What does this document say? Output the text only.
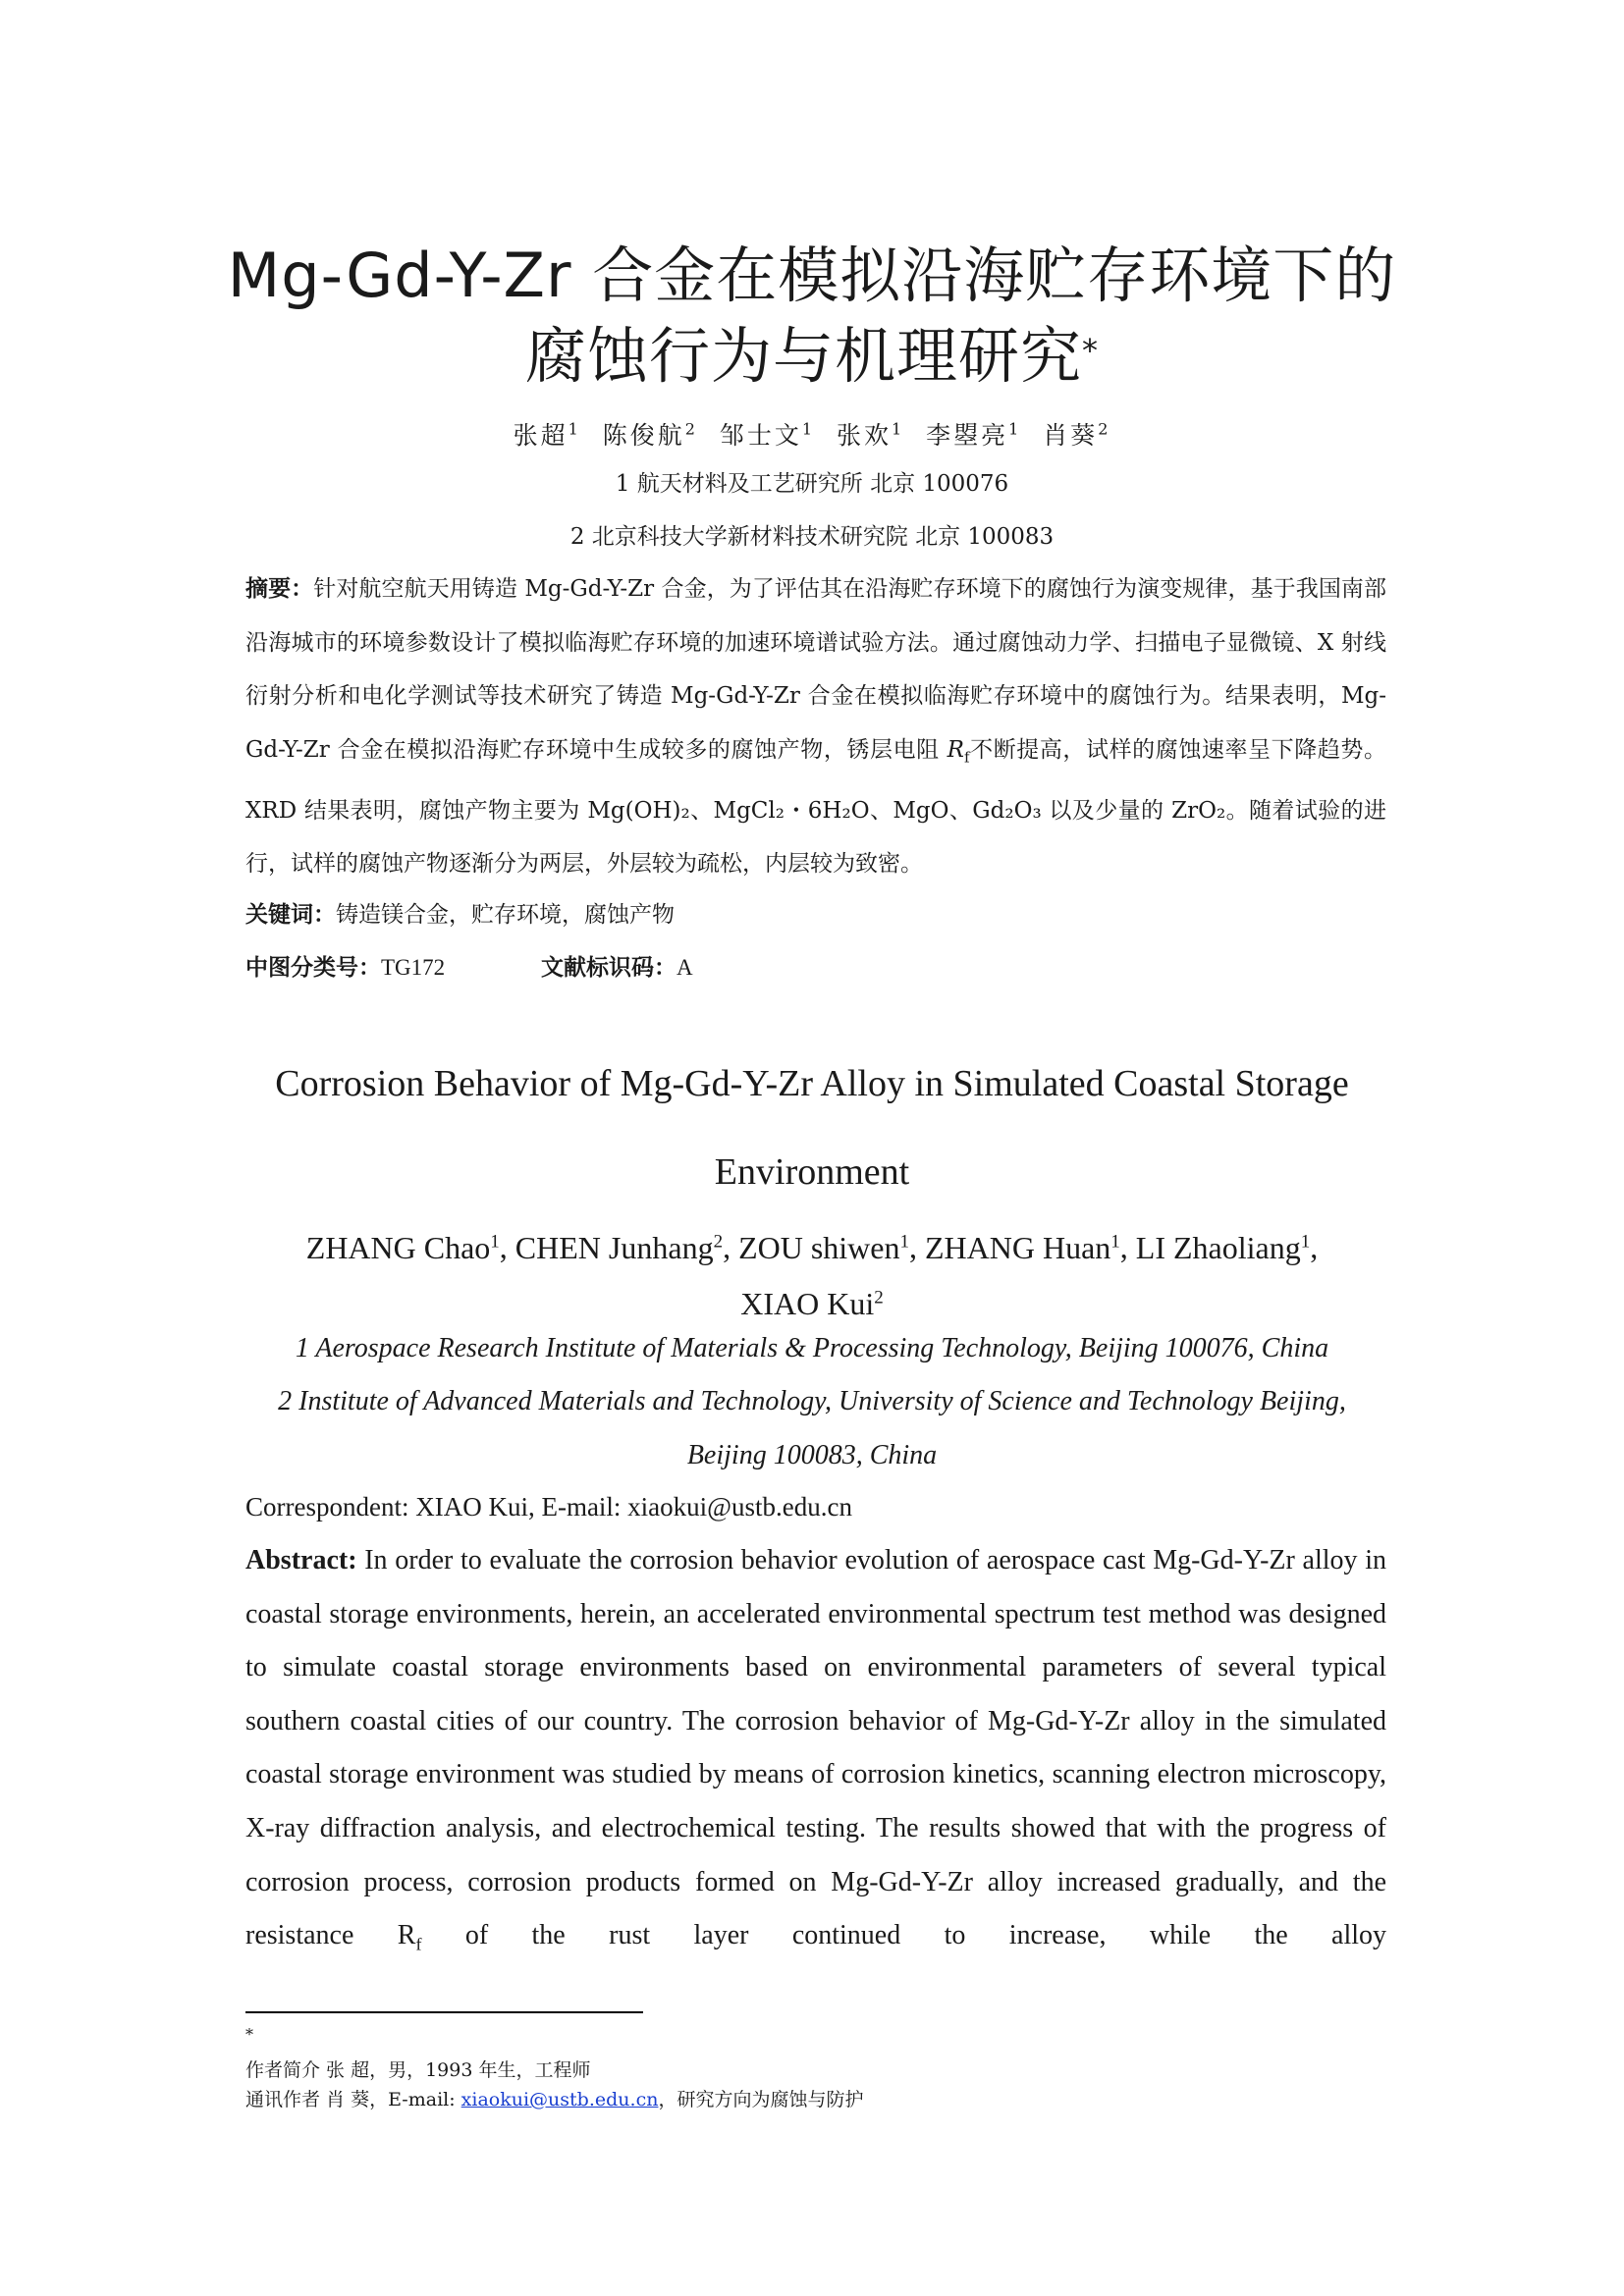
Mg-Gd-Y-Zr 合金在模拟沿海贮存环境下的
腐蚀行为与机理研究*
张超$^1$ 陈俊航$^2$ 邹士文$^1$ 张欢$^1$ 李曌亮$^1$ 肖葵$^2$
1 航天材料及工艺研究所 北京 100076
2 北京科技大学新材料技术研究院 北京 100083
摘要：针对航空航天用铸造 Mg-Gd-Y-Zr 合金，为了评估其在沿海贮存环境下的腐蚀行为演变规律，基于我国南部沿海城市的环境参数设计了模拟临海贮存环境的加速环境谱试验方法。通过腐蚀动力学、扫描电子显微镜、X 射线衍射分析和电化学测试等技术研究了铸造 Mg-Gd-Y-Zr 合金在模拟临海贮存环境中的腐蚀行为。结果表明，Mg-Gd-Y-Zr 合金在模拟沿海贮存环境中生成较多的腐蚀产物，锈层电阻 $R_f$不断提高，试样的腐蚀速率呈下降趋势。XRD 结果表明，腐蚀产物主要为 Mg(OH)₂、MgCl₂・6H₂O、MgO、Gd₂O₃ 以及少量的 ZrO₂。随着试验的进行，试样的腐蚀产物逐渐分为两层，外层较为疏松，内层较为致密。
关键词：铸造镁合金，贮存环境，腐蚀产物
中图分类号：TG172	文献标识码：A
Corrosion Behavior of Mg-Gd-Y-Zr Alloy in Simulated Coastal Storage
Environment
ZHANG Chao$^1$, CHEN Junhang$^2$, ZOU shiwen$^1$, ZHANG Huan$^1$, LI Zhaoliang$^1$,
XIAO Kui$^2$
1 Aerospace Research Institute of Materials & Processing Technology, Beijing 100076, China
2 Institute of Advanced Materials and Technology, University of Science and Technology Beijing,
Beijing 100083, China
Correspondent: XIAO Kui, E-mail: xiaokui@ustb.edu.cn
Abstract: In order to evaluate the corrosion behavior evolution of aerospace cast Mg-Gd-Y-Zr alloy in coastal storage environments, herein, an accelerated environmental spectrum test method was designed to simulate coastal storage environments based on environmental parameters of several typical southern coastal cities of our country. The corrosion behavior of Mg-Gd-Y-Zr alloy in the simulated coastal storage environment was studied by means of corrosion kinetics, scanning electron microscopy, X-ray diffraction analysis, and electrochemical testing. The results showed that with the progress of corrosion process, corrosion products formed on Mg-Gd-Y-Zr alloy increased gradually, and the resistance $R_f$ of the rust layer continued to increase, while the alloy
*
作者简介 张 超，男，1993 年生，工程师
通讯作者 肖 葵，E-mail: xiaokui@ustb.edu.cn，研究方向为腐蚀与防护
